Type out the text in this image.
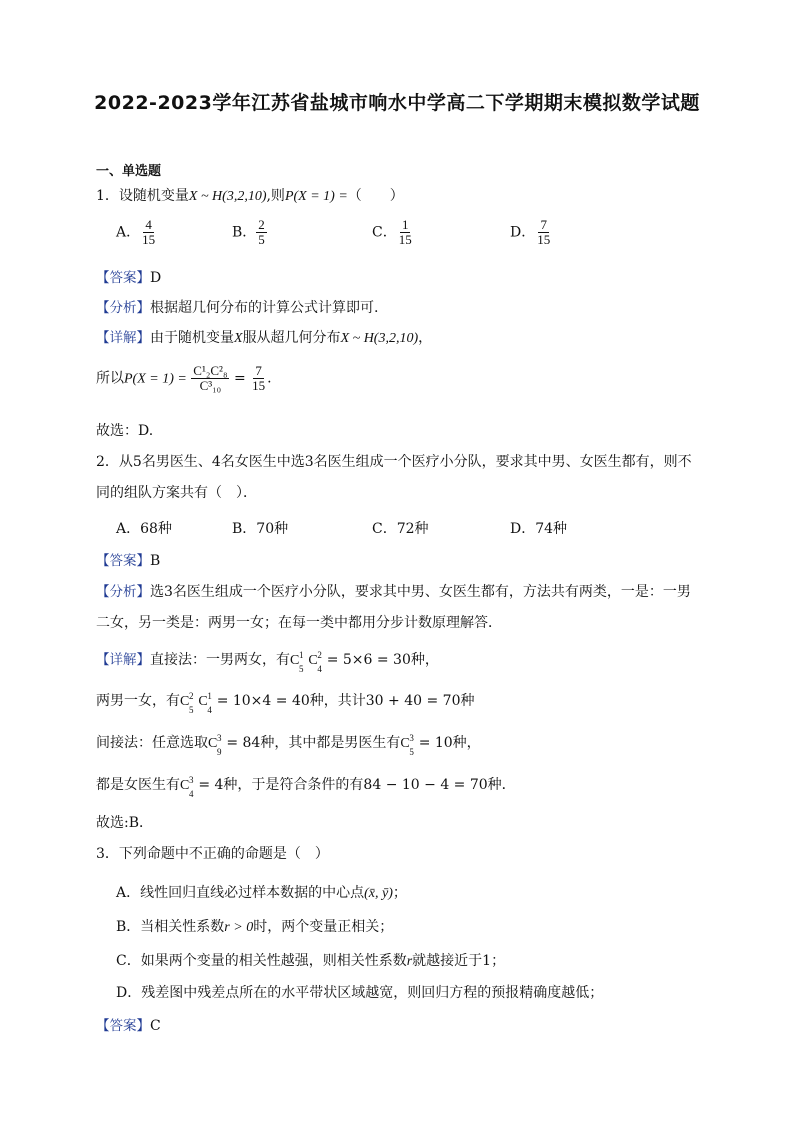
2022-2023学年江苏省盐城市响水中学高二下学期期末模拟数学试题
一、单选题
1．设随机变量X ~ H(3,2,10),则P(X = 1) =（　　）
A． $\frac{4}{15}$	B． $\frac{2}{5}$	C． $\frac{1}{15}$	D． $\frac{7}{15}$
【答案】D
【分析】根据超几何分布的计算公式计算即可.
【详解】由于随机变量X服从超几何分布X ~ H(3,2,10)，
所以$P(X = 1) = \frac{\text{C¹₂C²₈}}{\text{C³₁₀}} = \frac{7}{15}$ .
故选：D.
2．从5名男医生、4名女医生中选3名医生组成一个医疗小分队，要求其中男、女医生都有，则不
同的组队方案共有（　）．
A．68种	B．70种	C．72种	D．74种
【答案】B
【分析】选3名医生组成一个医疗小分队，要求其中男、女医生都有，方法共有两类，一是：一男
二女，另一类是：两男一女；在每一类中都用分步计数原理解答．
【详解】直接法：一男两女，有C 1
5
C 2
4
= 5×6 = 30种，
两男一女，有C 2
5
C 1
4
= 10×4 = 40种，共计30 + 40 = 70种
间接法：任意选取C 3
9
= 84种，其中都是男医生有C 3
5
= 10种，
都是女医生有C 3
4
= 4种，于是符合条件的有84 − 10 − 4 = 70种．
故选:B．
3．下列命题中不正确的命题是（　）
A．线性回归直线必过样本数据的中心点(x̄, ȳ)；
B．当相关性系数r > 0时，两个变量正相关；
C．如果两个变量的相关性越强，则相关性系数r就越接近于1；
D．残差图中残差点所在的水平带状区域越宽，则回归方程的预报精确度越低；
【答案】C
